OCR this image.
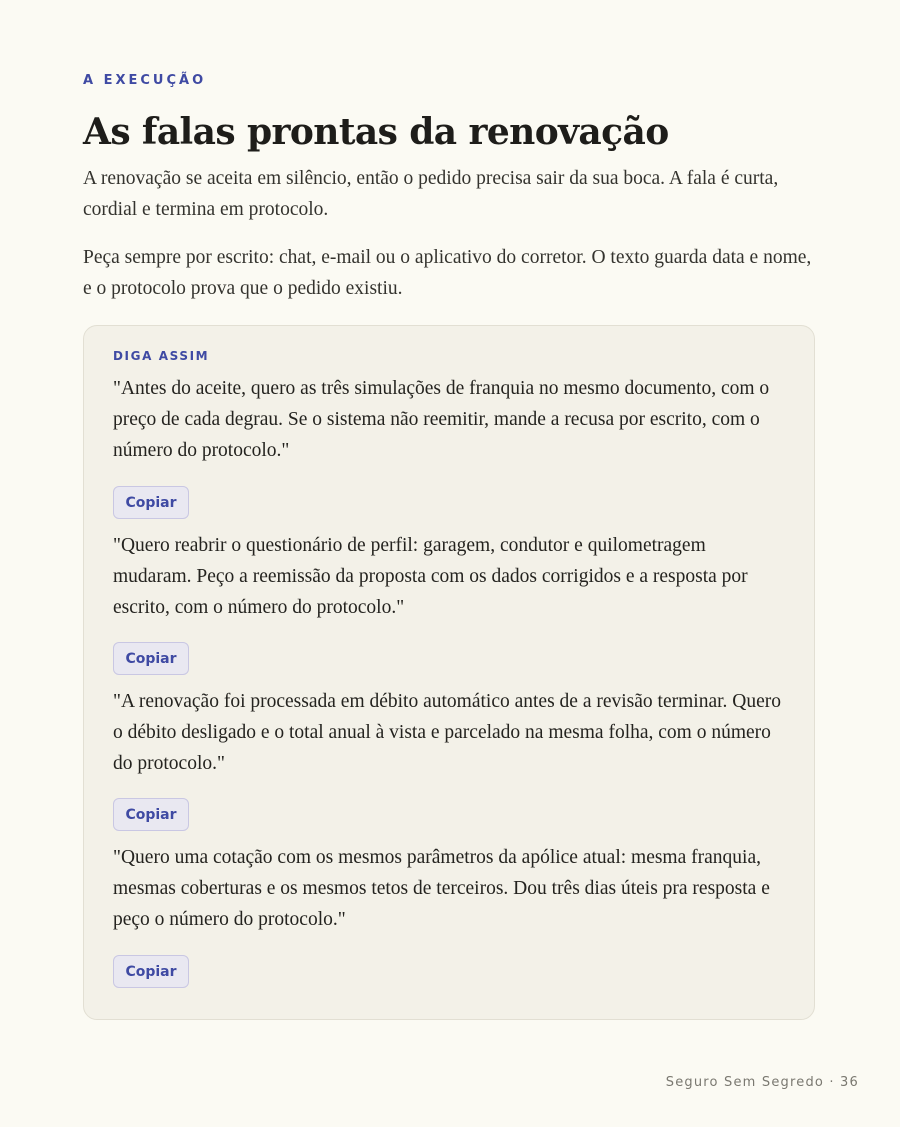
A EXECUÇÃO
As falas prontas da renovação

A renovação se aceita em silêncio, então o pedido precisa sair da sua boca. A fala é curta, cordial e termina em protocolo.

Peça sempre por escrito: chat, e-mail ou o aplicativo do corretor. O texto guarda data e nome, e o protocolo prova que o pedido existiu.

DIGA ASSIM

"Antes do aceite, quero as três simulações de franquia no mesmo documento, com o preço de cada degrau. Se o sistema não reemitir, mande a recusa por escrito, com o número do protocolo."

Copiar

"Quero reabrir o questionário de perfil: garagem, condutor e quilometragem mudaram. Peço a reemissão da proposta com os dados corrigidos e a resposta por escrito, com o número do protocolo."

Copiar

"A renovação foi processada em débito automático antes de a revisão terminar. Quero o débito desligado e o total anual à vista e parcelado na mesma folha, com o número do protocolo."

Copiar

"Quero uma cotação com os mesmos parâmetros da apólice atual: mesma franquia, mesmas coberturas e os mesmos tetos de terceiros. Dou três dias úteis pra resposta e peço o número do protocolo."

Copiar
Seguro Sem Segredo · 36
